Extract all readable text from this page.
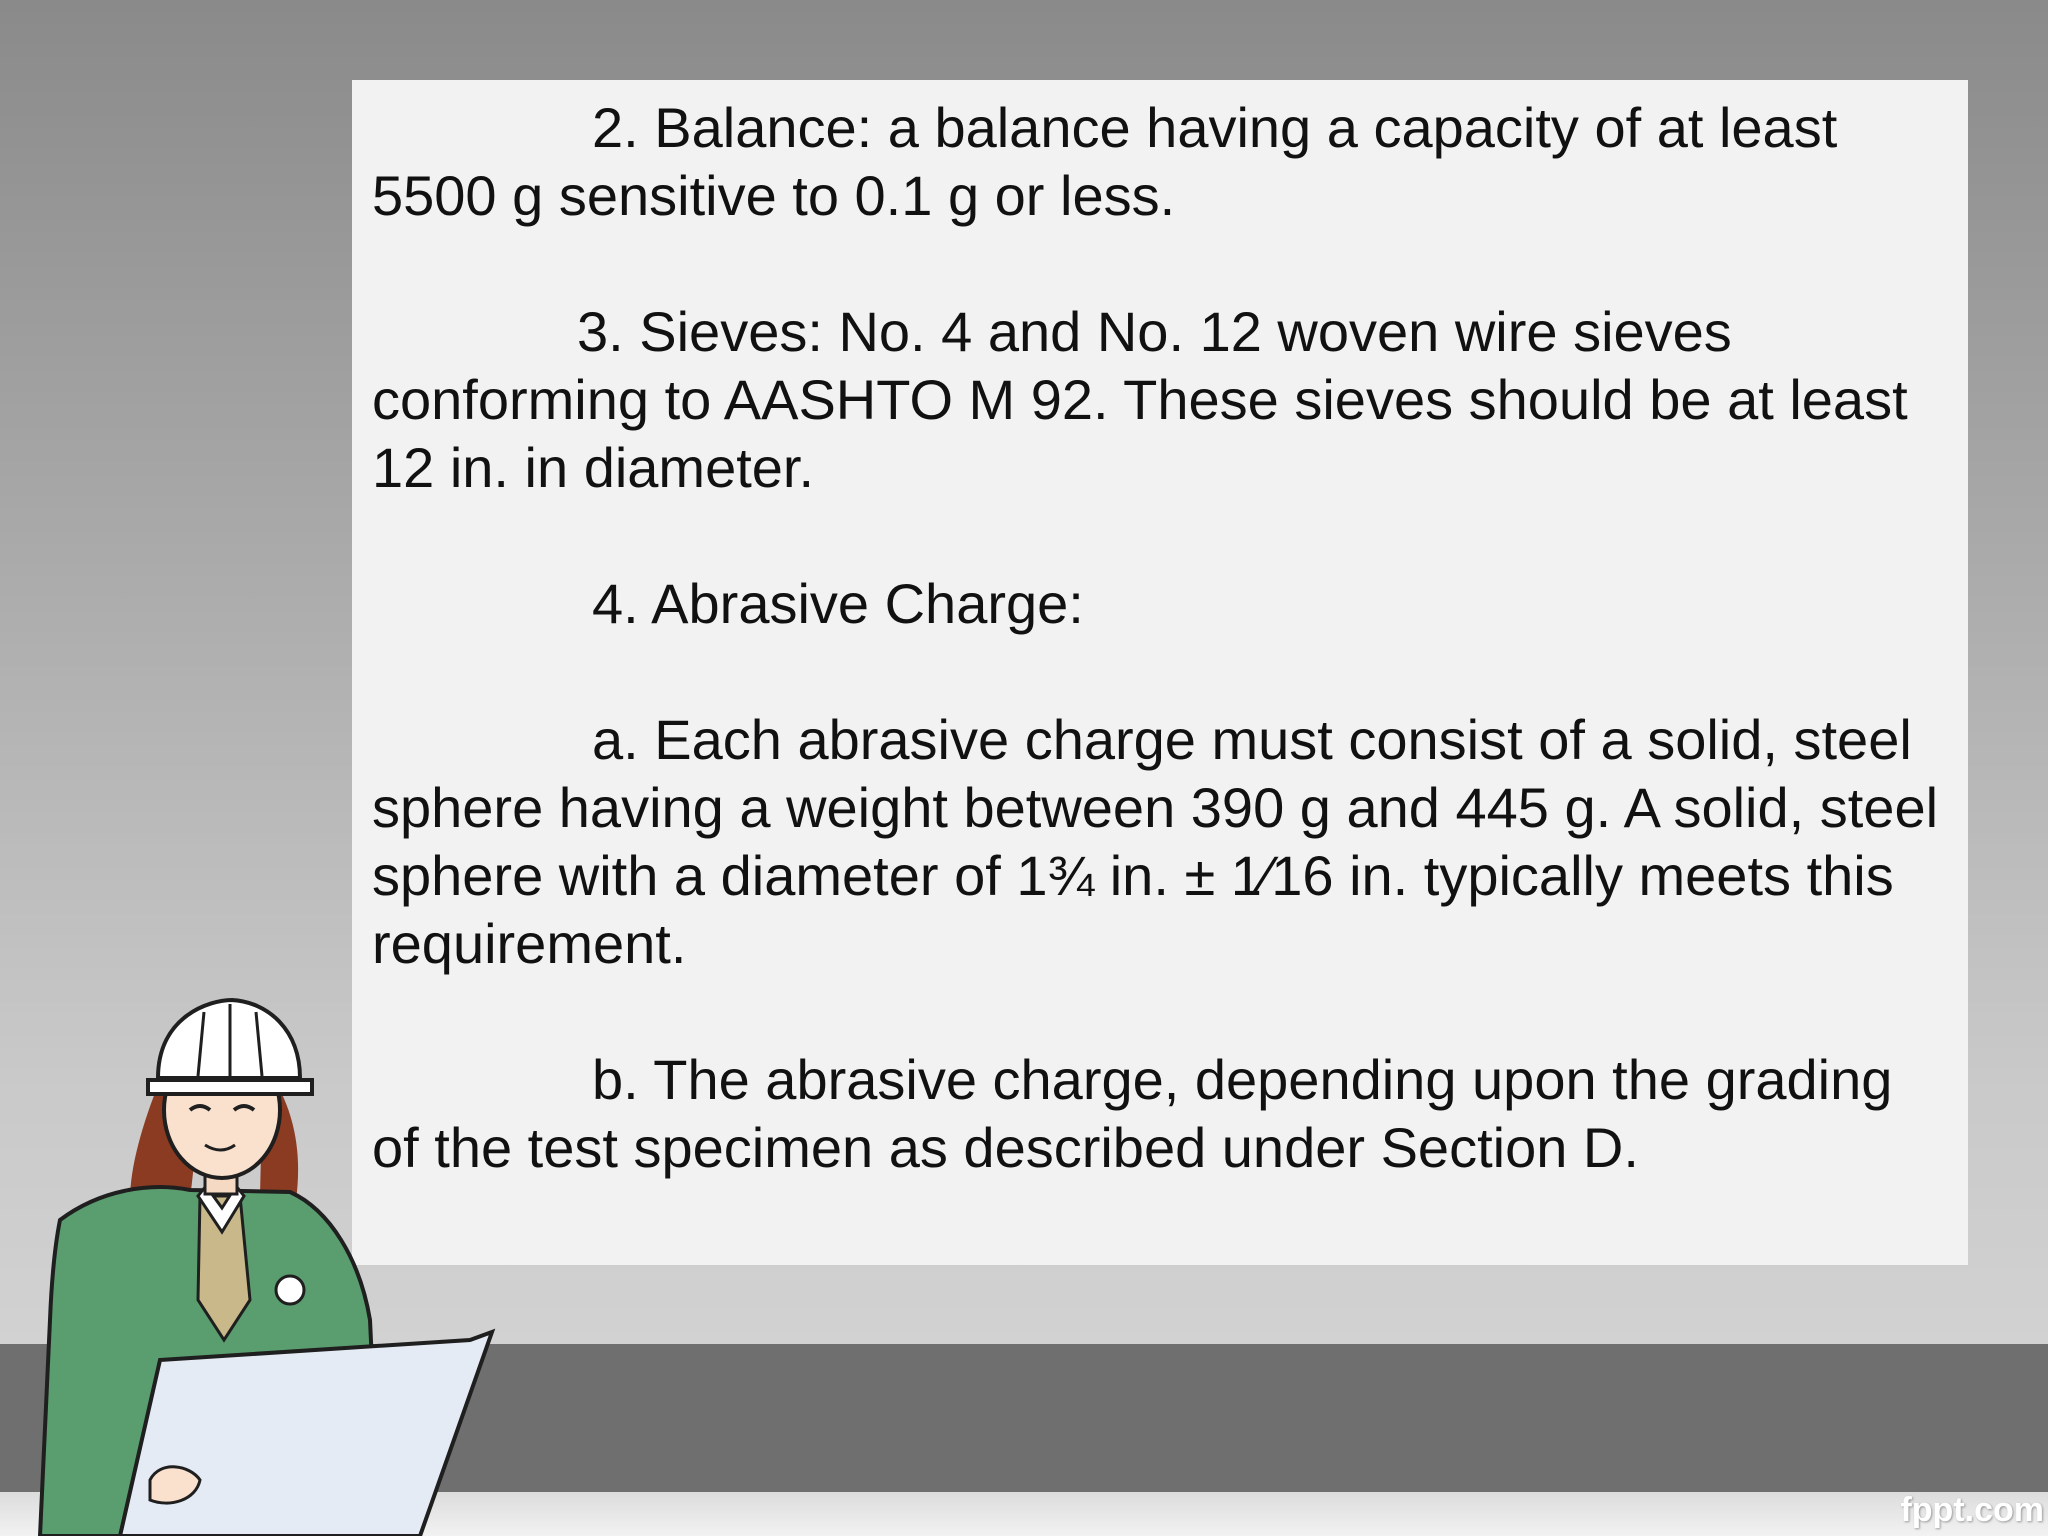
2. Balance: a balance having a capacity of at least
5500 g sensitive to 0.1 g or less.

3. Sieves: No. 4 and No. 12 woven wire sieves
conforming to AASHTO M 92. These sieves should be at least 12 in. in diameter.

4. Abrasive Charge:

a. Each abrasive charge must consist of a solid, steel
sphere having a weight between 390 g and 445 g. A solid, steel sphere with a diameter of 1¾ in. ± 1⁄16 in. typically meets this requirement.

b. The abrasive charge, depending upon the grading
of the test specimen as described under Section D.

fppt.com
